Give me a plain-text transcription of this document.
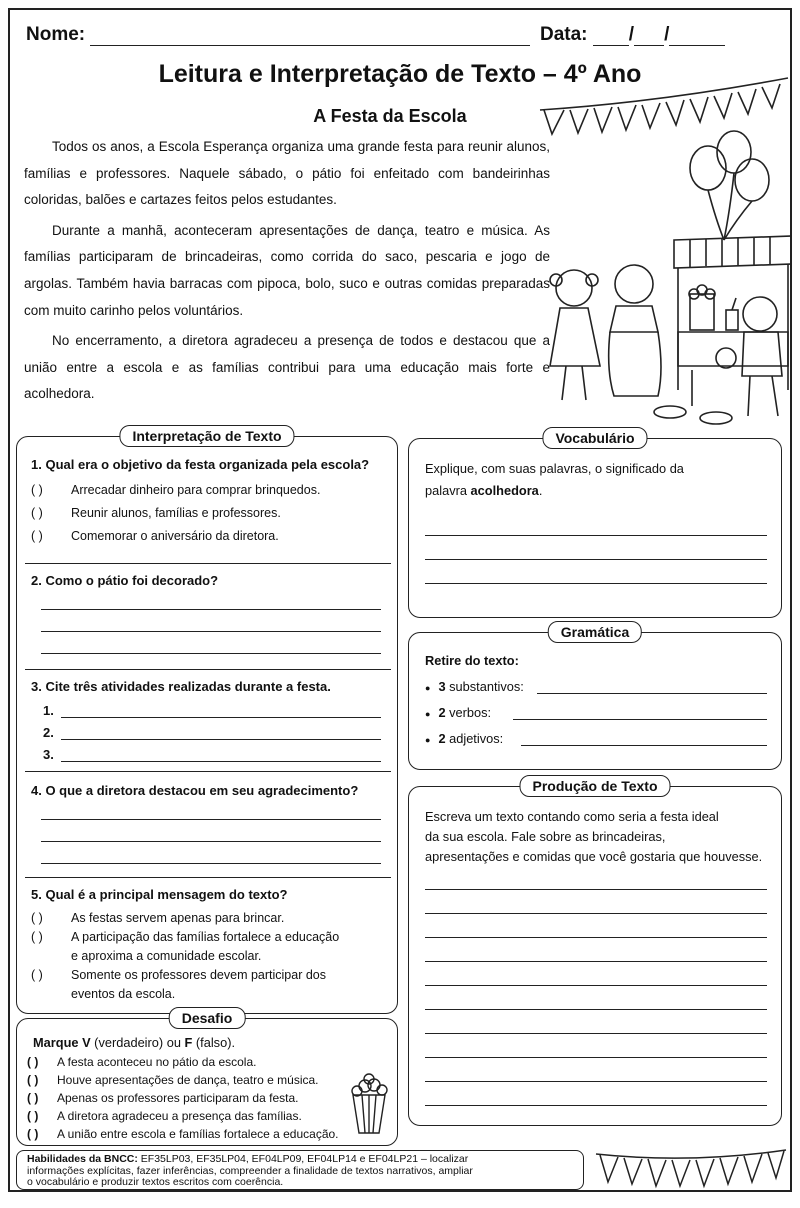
Nome:	Data: / /
Leitura e Interpretação de Texto – 4º Ano
A Festa da Escola

Todos os anos, a Escola Esperança organiza uma grande festa para reunir alunos, famílias e professores. Naquele sábado, o pátio foi enfeitado com bandeirinhas coloridas, balões e cartazes feitos pelos estudantes.

Durante a manhã, aconteceram apresentações de dança, teatro e música. As famílias participaram de brincadeiras, como corrida do saco, pescaria e jogo de argolas. Também havia barracas com pipoca, bolo, suco e outras comidas preparadas com muito carinho pelos voluntários.

No encerramento, a diretora agradeceu a presença de todos e destacou que a união entre a escola e as famílias contribui para uma educação mais forte e acolhedora.

Interpretação de Texto
1. Qual era o objetivo da festa organizada pela escola?
( ) Arrecadar dinheiro para comprar brinquedos.
( ) Reunir alunos, famílias e professores.
( ) Comemorar o aniversário da diretora.
2. Como o pátio foi decorado?
3. Cite três atividades realizadas durante a festa.
1.
2.
3.
4. O que a diretora destacou em seu agradecimento?
5. Qual é a principal mensagem do texto?
( ) As festas servem apenas para brincar.
( ) A participação das famílias fortalece a educação
e aproxima a comunidade escolar.
( ) Somente os professores devem participar dos
eventos da escola.
Vocabulário
Explique, com suas palavras, o significado da
palavra acolhedora.
Gramática
Retire do texto:
● 3 substantivos:
● 2 verbos:
● 2 adjetivos:
Produção de Texto
Escreva um texto contando como seria a festa ideal
da sua escola. Fale sobre as brincadeiras,
apresentações e comidas que você gostaria que houvesse.
Desafio
Marque V (verdadeiro) ou F (falso).
( ) A festa aconteceu no pátio da escola.
( ) Houve apresentações de dança, teatro e música.
( ) Apenas os professores participaram da festa.
( ) A diretora agradeceu a presença das famílias.
( ) A união entre escola e famílias fortalece a educação.
Habilidades da BNCC: EF35LP03, EF35LP04, EF04LP09, EF04LP14 e EF04LP21 – localizar
informações explícitas, fazer inferências, compreender a finalidade de textos narrativos, ampliar
o vocabulário e produzir textos escritos com coerência.
